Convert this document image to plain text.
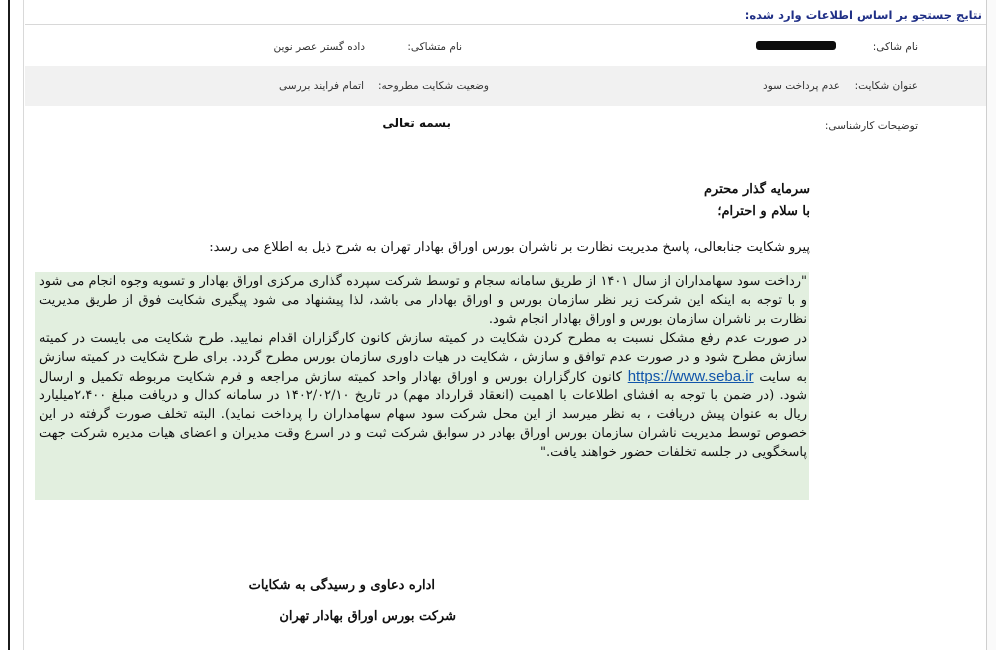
نتایج جستجو بر اساس اطلاعات وارد شده:
نام شاکی:
نام متشاکی:
داده گستر عصر نوین
عنوان شکایت:
عدم پرداخت سود
وضعیت شکایت مطروحه:
اتمام فرایند بررسی
توضیحات کارشناسی:
بسمه تعالی
سرمایه گذار محترم
با سلام و احترام؛
پیرو شکایت جنابعالی، پاسخ مدیریت نظارت بر ناشران بورس اوراق بهادار تهران به شرح ذیل به اطلاع می رسد:
"رداخت سود سهامداران از سال ۱۴۰۱ از طریق سامانه سجام و توسط شرکت سپرده گذاری مرکزی اوراق بهادار و تسویه وجوه انجام می شود و با توجه به اینکه این شرکت زیر نظر سازمان بورس و اوراق بهادار می باشد، لذا پیشنهاد می شود پیگیری شکایت فوق از طریق مدیریت نظارت بر ناشران سازمان بورس و اوراق بهادار انجام شود.
در صورت عدم رفع مشکل نسبت به مطرح کردن شکایت در کمیته سازش کانون کارگزاران اقدام نمایید. طرح شکایت می بایست در کمیته سازش مطرح شود و در صورت عدم توافق و سازش ، شکایت در هیات داوری سازمان بورس مطرح گردد. برای طرح شکایت در کمیته سازش به سایت https://www.seba.ir کانون کارگزاران بورس و اوراق بهادار واحد کمیته سازش مراجعه و فرم شکایت مربوطه تکمیل و ارسال شود. (در ضمن با توجه به افشای اطلاعات با اهمیت (انعقاد قرارداد مهم) در تاریخ ۱۴۰۲/۰۲/۱۰ در سامانه کدال و دریافت مبلغ ۲،۴۰۰میلیارد ریال به عنوان پیش دریافت ، به نظر میرسد از این محل شرکت سود سهام سهامداران را پرداخت نماید). البته تخلف صورت گرفته در این خصوص توسط مدیریت ناشران سازمان بورس اوراق بهادر در سوابق شرکت ثبت و در اسرع وقت مدیران و اعضای هیات مدیره شرکت جهت پاسخگویی در جلسه تخلفات حضور خواهند یافت."
اداره دعاوی و رسیدگی به شکایات
شرکت بورس اوراق بهادار تهران
